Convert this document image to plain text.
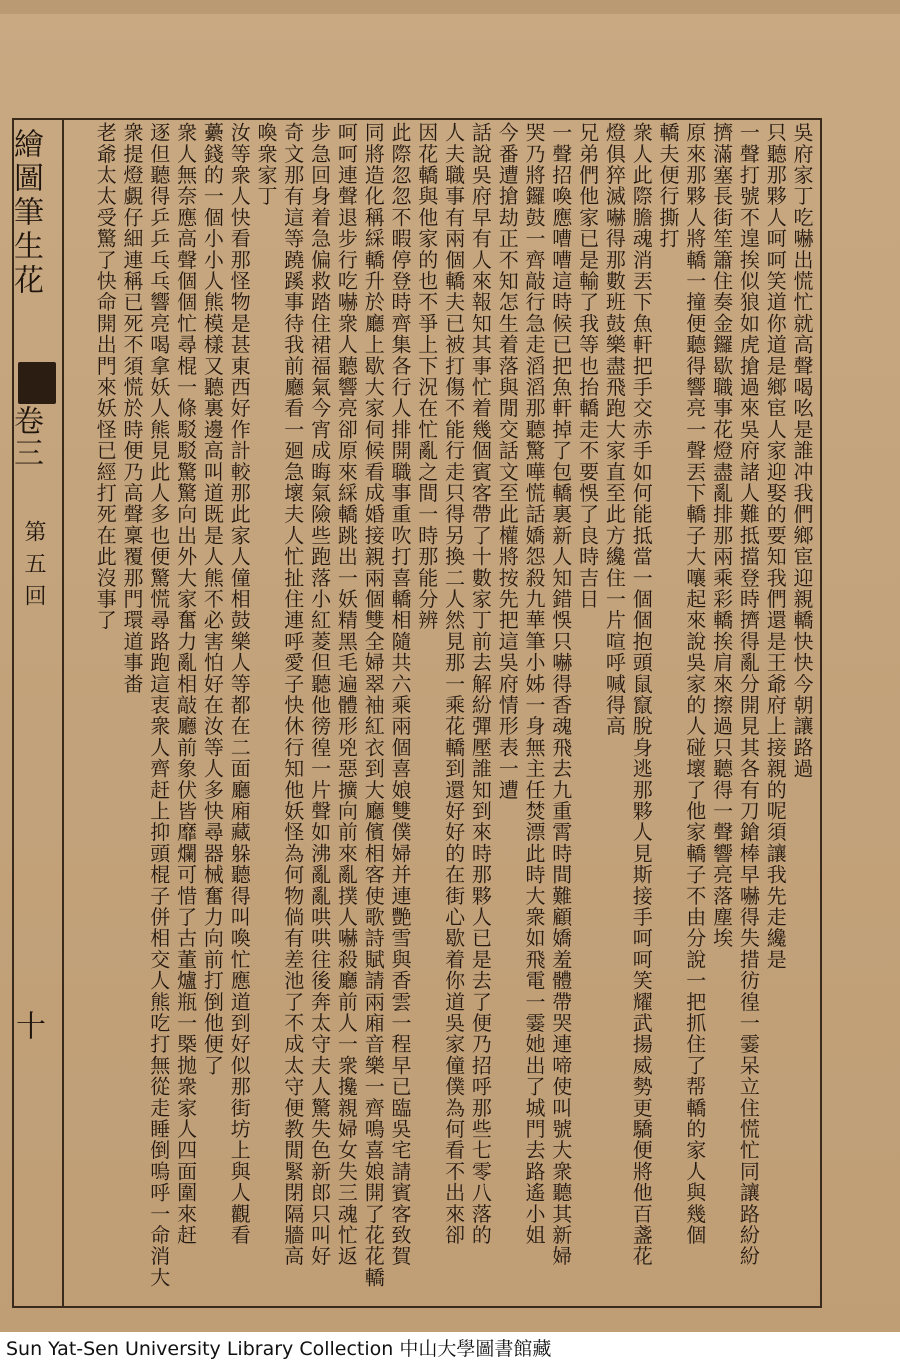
繪圖筆生花
卷三
第五回
十
吳府家丁吃嚇出慌忙就高聲喝吆是誰冲我們鄉宦迎親轎快快今朝讓路過
只聽那夥人呵呵笑道你道是鄉宦人家迎娶的要知我們還是王爺府上接親的呢須讓我先走纔是
一聲打號不遑挨似狼如虎搶過來吳府諸人難抵擋登時擠得亂分開見其各有刀鎗棒早嚇得失措彷徨一霎呆立住慌忙同讓路紛紛
擠滿塞長街笙簫住奏金鑼歇職事花燈盡亂排那兩乘彩轎挨肩來擦過只聽得一聲響亮落塵埃
原來那夥人將轎一撞便聽得響亮一聲丟下轎子大嚷起來說吳家的人碰壞了他家轎子不由分說一把抓住了帮轎的家人與幾個
轎夫便行撕打
衆人此際膽魂消丟下魚軒把手交赤手如何能抵當一個個抱頭鼠竄脫身逃那夥人見斯接手呵呵笑耀武揚威勢更驕便將他百盞花
燈俱猝滅嚇得那數班鼓樂盡飛跑大家直至此方纔住一片喧呼喊得高
兄弟們他家已是輸了我等也抬轎走不要悞了良時吉日
一聲招喚應嘈嘈這時候已把魚軒掉了包轎裏新人知錯悞只嚇得香魂飛去九重霄時間難顧嬌羞體帶哭連啼使叫號大衆聽其新婦
哭乃將鑼鼓一齊敲行急走滔滔那聽驚嘩慌話嬌怨殺九華筆小姊一身無主任焚漂此時大衆如飛電一霎她出了城門去路遙小姐
今番遭搶劫正不知怎生着落與閒交話文至此權將按先把這吳府情形表一遭
話說吳府早有人來報知其事忙着幾個賓客帶了十數家丁前去解紛彈壓誰知到來時那夥人已是去了便乃招呼那些七零八落的
人夫職事有兩個轎夫已被打傷不能行走只得另換二人然見那一乘花轎到還好好的在街心歇着你道吳家僮僕為何看不出來卻
因花轎與他家的也不爭上下況在忙亂之間一時那能分辨
此際忽忽不暇停登時齊集各行人排開職事重吹打喜轎相隨共六乘兩個喜娘雙僕婦并連艷雪與香雲一程早已臨吳宅請賓客致賀
同將造化稱綵轎升於廳上歇大家伺候看成婚接親兩個雙全婦翠袖紅衣到大廳儐相客使歌詩賦請兩廂音樂一齊鳴喜娘開了花花轎
呵呵連聲退步行吃嚇衆人聽響亮卻原來綵轎跳出一妖精黑毛遍體形兇惡擴向前來亂撲人嚇殺廳前人一衆攙親婦女失三魂忙返
步急回身着急偏救踏住裙福氣今宵成晦氣險些跑落小紅菱但聽他徬徨一片聲如沸亂亂哄哄往後奔太守夫人驚失色新郎只叫好
奇文那有這等蹺蹊事待我前廳看一廻急壞夫人忙扯住連呼愛子快休行知他妖怪為何物倘有差池了不成太守便教閒緊閉隔牆高
喚衆家丁
汝等衆人快看那怪物是甚東西好作計較那此家人僮相鼓樂人等都在二面廳廂藏躲聽得叫喚忙應道到好似那街坊上與人觀看
虆錢的一個小小人熊模樣又聽裏邊高叫道既是人熊不必害怕好在汝等人多快尋器械奮力向前打倒他便了
衆人無奈應高聲個個忙尋棍一條駁駁驚驚向出外大家奮力亂相敲廳前象伏皆靡爛可惜了古董爐瓶一槩拋衆家人四面圍來赶
逐但聽得乒乒乓乓響亮喝拿妖人熊見此人多也便驚慌尋路跑這衷衆人齊赶上抑頭棍子併相交人熊吃打無從走睡倒嗚呼一命消大
衆提燈覷仔細連稱已死不須慌於時便乃高聲稟覆那門環道事畨
老爺太太受驚了快命開出門來妖怪已經打死在此沒事了
Sun Yat-Sen University Library Collection 中山大學圖書館藏
